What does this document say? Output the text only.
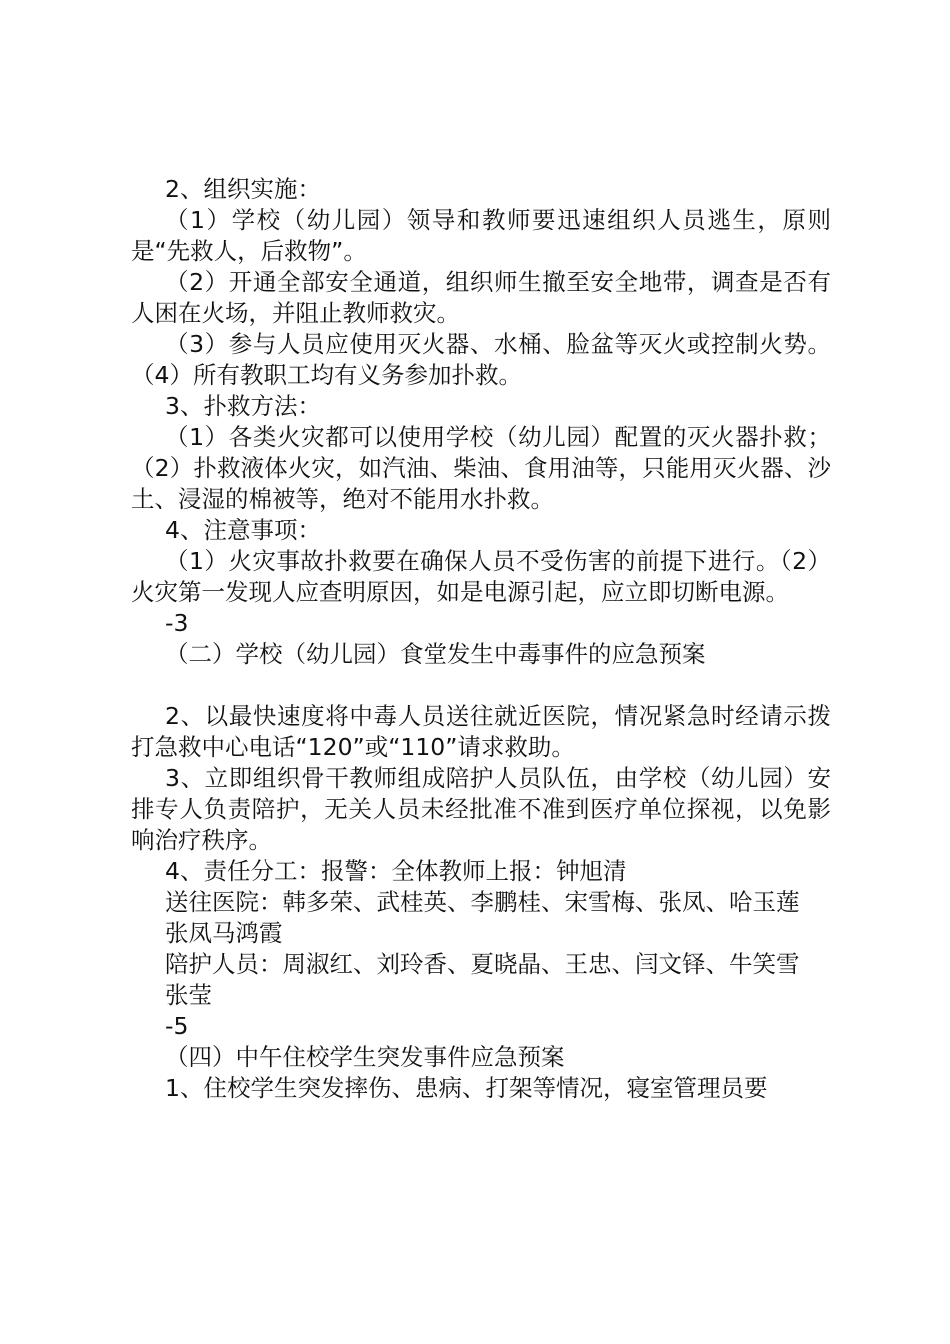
2、组织实施：

（1）学校（幼儿园）领导和教师要迅速组织人员逃生，原则是“先救人，后救物”。

（2）开通全部安全通道，组织师生撤至安全地带，调查是否有人困在火场，并阻止教师救灾。

（3）参与人员应使用灭火器、水桶、脸盆等灭火或控制火势。（4）所有教职工均有义务参加扑救。

3、扑救方法：

（1）各类火灾都可以使用学校（幼儿园）配置的灭火器扑救；（2）扑救液体火灾，如汽油、柴油、食用油等，只能用灭火器、沙土、浸湿的棉被等，绝对不能用水扑救。

4、注意事项：

（1）火灾事故扑救要在确保人员不受伤害的前提下进行。（2）火灾第一发现人应查明原因，如是电源引起，应立即切断电源。

-3

（二）学校（幼儿园）食堂发生中毒事件的应急预案

2、以最快速度将中毒人员送往就近医院，情况紧急时经请示拨打急救中心电话“120”或“110”请求救助。

3、立即组织骨干教师组成陪护人员队伍，由学校（幼儿园）安排专人负责陪护，无关人员未经批准不准到医疗单位探视，以免影响治疗秩序。

4、责任分工：报警：全体教师上报：钟旭清

送往医院：韩多荣、武桂英、李鹏桂、宋雪梅、张凤、哈玉莲

张凤马鸿霞

陪护人员：周淑红、刘玲香、夏晓晶、王忠、闫文铎、牛笑雪

张莹

-5

（四）中午住校学生突发事件应急预案

1、住校学生突发摔伤、患病、打架等情况，寝室管理员要
